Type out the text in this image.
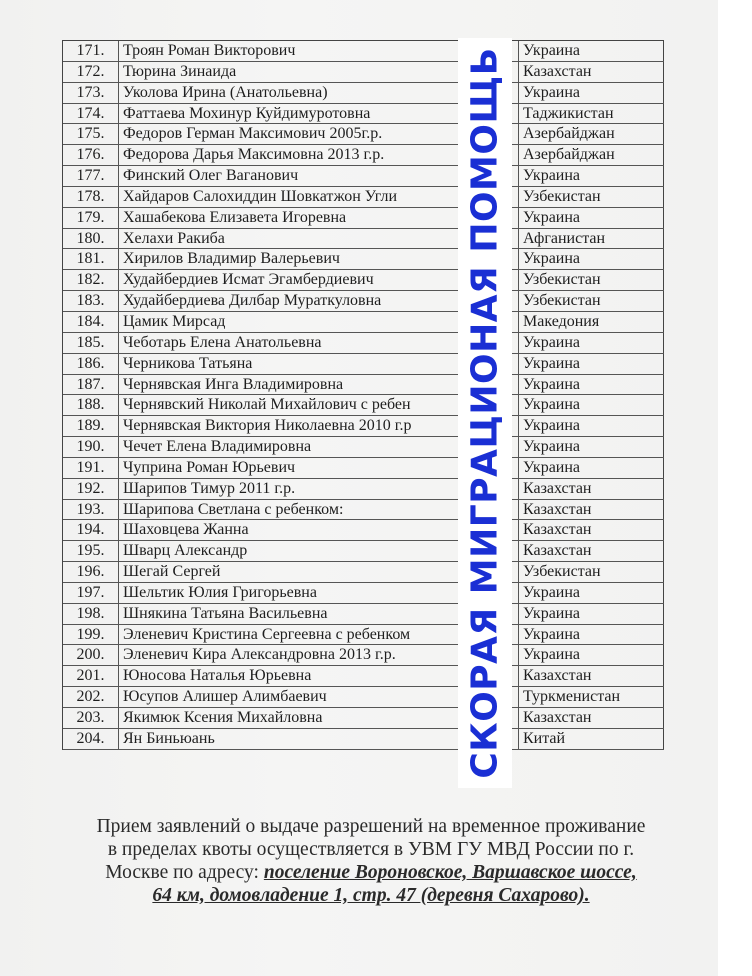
171.	Троян Роман Викторович	Украина
172.	Тюрина Зинаида	Казахстан
173.	Уколова Ирина (Анатольевна)	Украина
174.	Фаттаева Мохинур Куйдимуротовна	Таджикистан
175.	Федоров Герман Максимович 2005г.р.	Азербайджан
176.	Федорова Дарья Максимовна 2013 г.р.	Азербайджан
177.	Финский Олег Ваганович	Украина
178.	Хайдаров Салохиддин Шовкатжон Угли	Узбекистан
179.	Хашабекова Елизавета Игоревна	Украина
180.	Хелахи Ракиба	Афганистан
181.	Хирилов Владимир Валерьевич	Украина
182.	Худайбердиев Исмат Эгамбердиевич	Узбекистан
183.	Худайбердиева Дилбар Мураткуловна	Узбекистан
184.	Цамик Мирсад	Македония
185.	Чеботарь Елена Анатольевна	Украина
186.	Черникова Татьяна	Украина
187.	Чернявская Инга Владимировна	Украина
188.	Чернявский Николай Михайлович с ребен	Украина
189.	Чернявская Виктория Николаевна 2010 г.р	Украина
190.	Чечет Елена Владимировна	Украина
191.	Чуприна Роман Юрьевич	Украина
192.	Шарипов Тимур 2011 г.р.	Казахстан
193.	Шарипова Светлана с ребенком:	Казахстан
194.	Шаховцева Жанна	Казахстан
195.	Шварц Александр	Казахстан
196.	Шегай Сергей	Узбекистан
197.	Шельтик Юлия Григорьевна	Украина
198.	Шнякина Татьяна Васильевна	Украина
199.	Эленевич Кристина Сергеевна с ребенком	Украина
200.	Эленевич Кира Александровна 2013 г.р.	Украина
201.	Юносова Наталья Юрьевна	Казахстан
202.	Юсупов Алишер Алимбаевич	Туркменистан
203.	Якимюк Ксения Михайловна	Казахстан
204.	Ян Биньюань	Китай
СКОРАЯ МИГРАЦИОНАЯ ПОМОЩЬ
Прием заявлений о выдаче разрешений на временное проживание
в пределах квоты осуществляется в УВМ ГУ МВД России по г.
Москве по адресу: поселение Вороновское, Варшавское шоссе,
64 км, домовладение 1, стр. 47 (деревня Сахарово).
